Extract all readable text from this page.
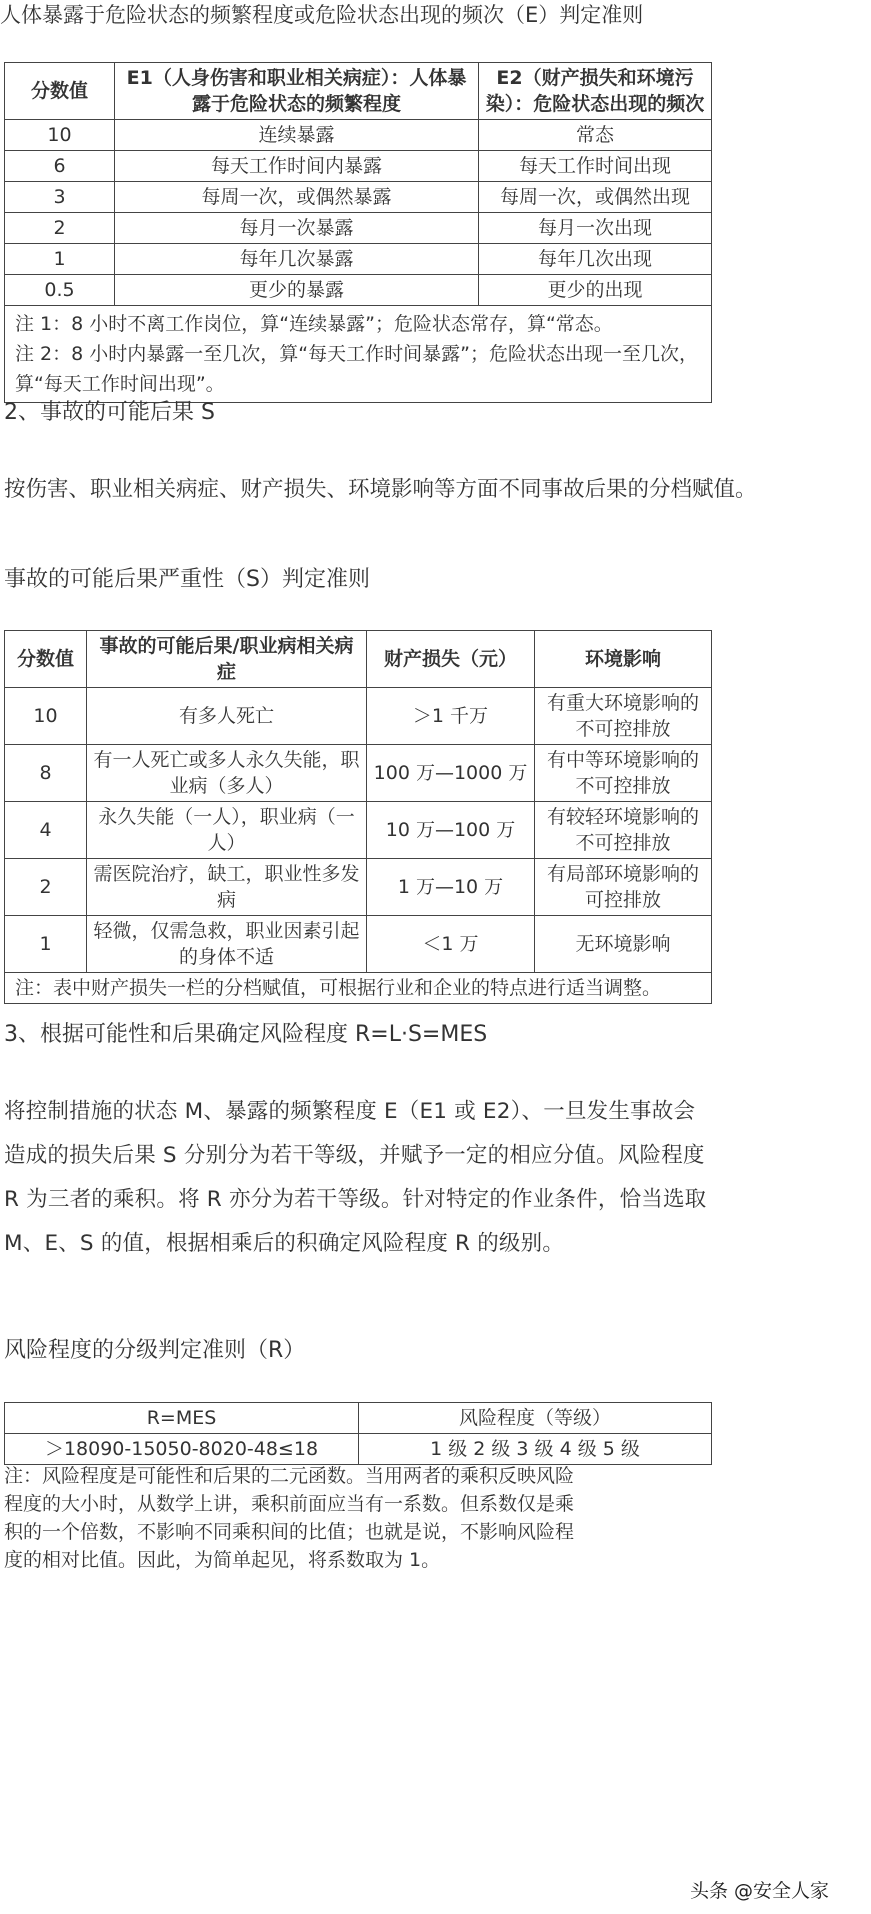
人体暴露于危险状态的频繁程度或危险状态出现的频次（E）判定准则
分数值	E1（人身伤害和职业相关病症）：人体暴露于危险状态的频繁程度	E2（财产损失和环境污染）：危险状态出现的频次
10	连续暴露	常态
6	每天工作时间内暴露	每天工作时间出现
3	每周一次，或偶然暴露	每周一次，或偶然出现
2	每月一次暴露	每月一次出现
1	每年几次暴露	每年几次出现
0.5	更少的暴露	更少的出现

注 1：8 小时不离工作岗位，算“连续暴露”；危险状态常存，算“常态。
注 2：8 小时内暴露一至几次，算“每天工作时间暴露”；危险状态出现一至几次，算“每天工作时间出现”。		
2、事故的可能后果 S
按伤害、职业相关病症、财产损失、环境影响等方面不同事故后果的分档赋值。
事故的可能后果严重性（S）判定准则
分数值	事故的可能后果/职业病相关病症	财产损失（元）	环境影响
10	有多人死亡	＞1 千万	有重大环境影响的不可控排放
8	有一人死亡或多人永久失能，职业病（多人）	100 万—1000 万	有中等环境影响的不可控排放
4	永久失能（一人），职业病（一人）	10 万—100 万	有较轻环境影响的不可控排放
2	需医院治疗，缺工，职业性多发病	1 万—10 万	有局部环境影响的可控排放
1	轻微，仅需急救，职业因素引起的身体不适	＜1 万	无环境影响
注：表中财产损失一栏的分档赋值，可根据行业和企业的特点进行适当调整。			
3、根据可能性和后果确定风险程度 R=L·S=MES
将控制措施的状态 M、暴露的频繁程度 E（E1 或 E2）、一旦发生事故会造成的损失后果 S 分别分为若干等级，并赋予一定的相应分值。风险程度 R 为三者的乘积。将 R 亦分为若干等级。针对特定的作业条件，恰当选取 M、E、S 的值，根据相乘后的积确定风险程度 R 的级别。
风险程度的分级判定准则（R）
R=MES	风险程度（等级）
＞18090-15050-8020-48≤18	1 级 2 级 3 级 4 级 5 级
注：风险程度是可能性和后果的二元函数。当用两者的乘积反映风险程度的大小时，从数学上讲，乘积前面应当有一系数。但系数仅是乘积的一个倍数，不影响不同乘积间的比值；也就是说，不影响风险程度的相对比值。因此，为简单起见，将系数取为 1。
头条 @安全人家
